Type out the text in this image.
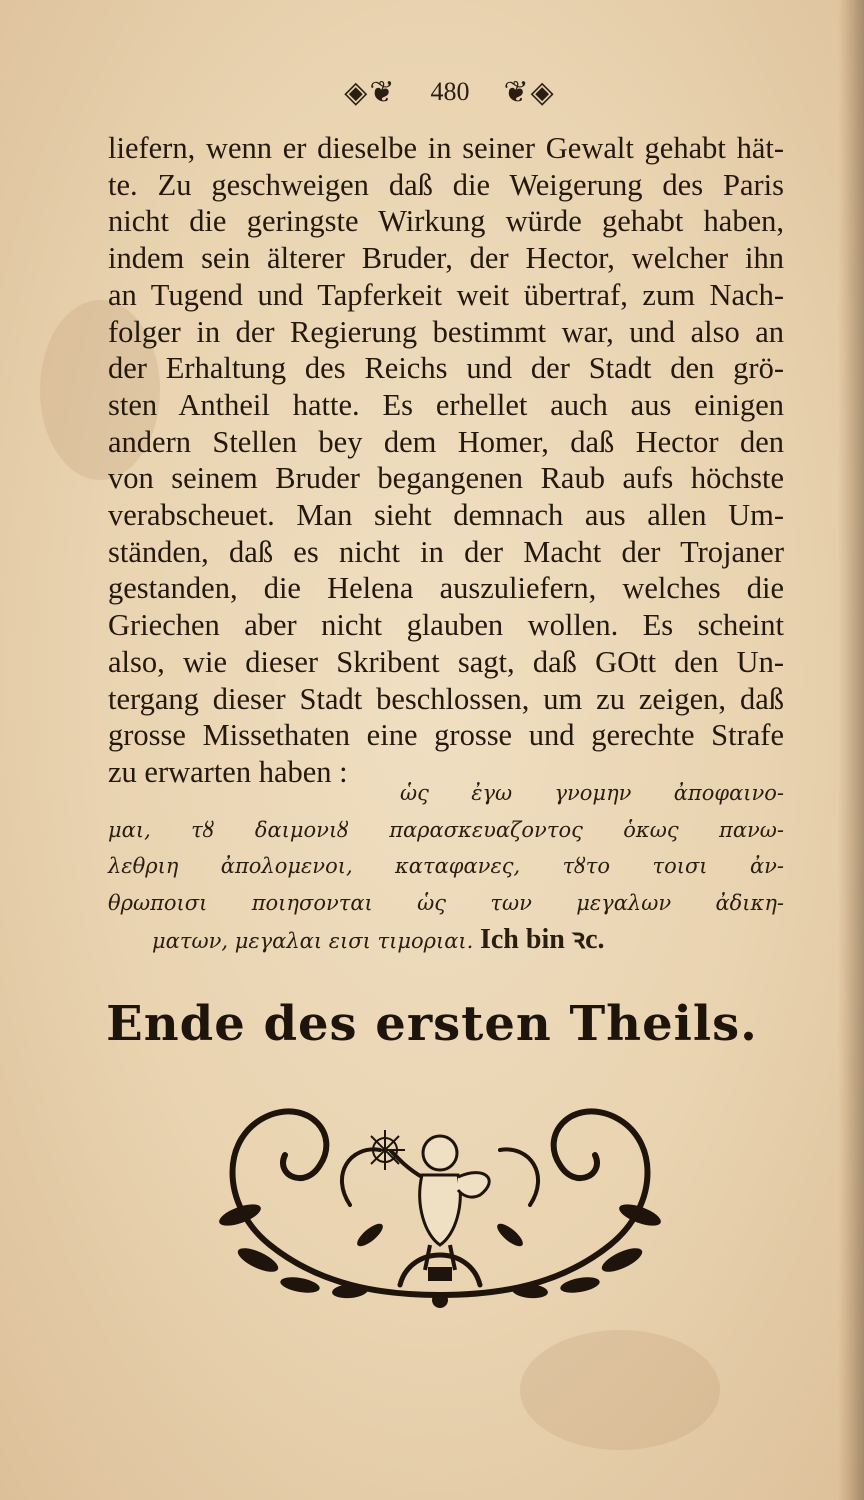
◈❦ 480 ❦◈
liefern, wenn er dieselbe in seiner Gewalt gehabt hät-
te. Zu geschweigen daß die Weigerung des Paris
nicht die geringste Wirkung würde gehabt haben,
indem sein älterer Bruder, der Hector, welcher ihn
an Tugend und Tapferkeit weit übertraf, zum Nach-
folger in der Regierung bestimmt war, und also an
der Erhaltung des Reichs und der Stadt den grö-
sten Antheil hatte. Es erhellet auch aus einigen
andern Stellen bey dem Homer, daß Hector den
von seinem Bruder begangenen Raub aufs höchste
verabscheuet. Man sieht demnach aus allen Um-
ständen, daß es nicht in der Macht der Trojaner
gestanden, die Helena auszuliefern, welches die
Griechen aber nicht glauben wollen. Es scheint
also, wie dieser Skribent sagt, daß GOtt den Un-
tergang dieser Stadt beschlossen, um zu zeigen, daß
grosse Missethaten eine grosse und gerechte Strafe
zu erwarten haben :
ὡς ἐγω γνομην ἀποφαινο-
μαι, τȣ δαιμονιȣ παρασκευαζοντος ὁκως πανω-
λεθριη ἀπολομενοι, καταφανες, τȣτο τοισι ἀν-
θρωποισι ποιησονται ὡς των μεγαλων ἀδικη-
ματων, μεγαλαι εισι τιμοριαι. Ich bin ꝛc.
Ende des ersten Theils.
